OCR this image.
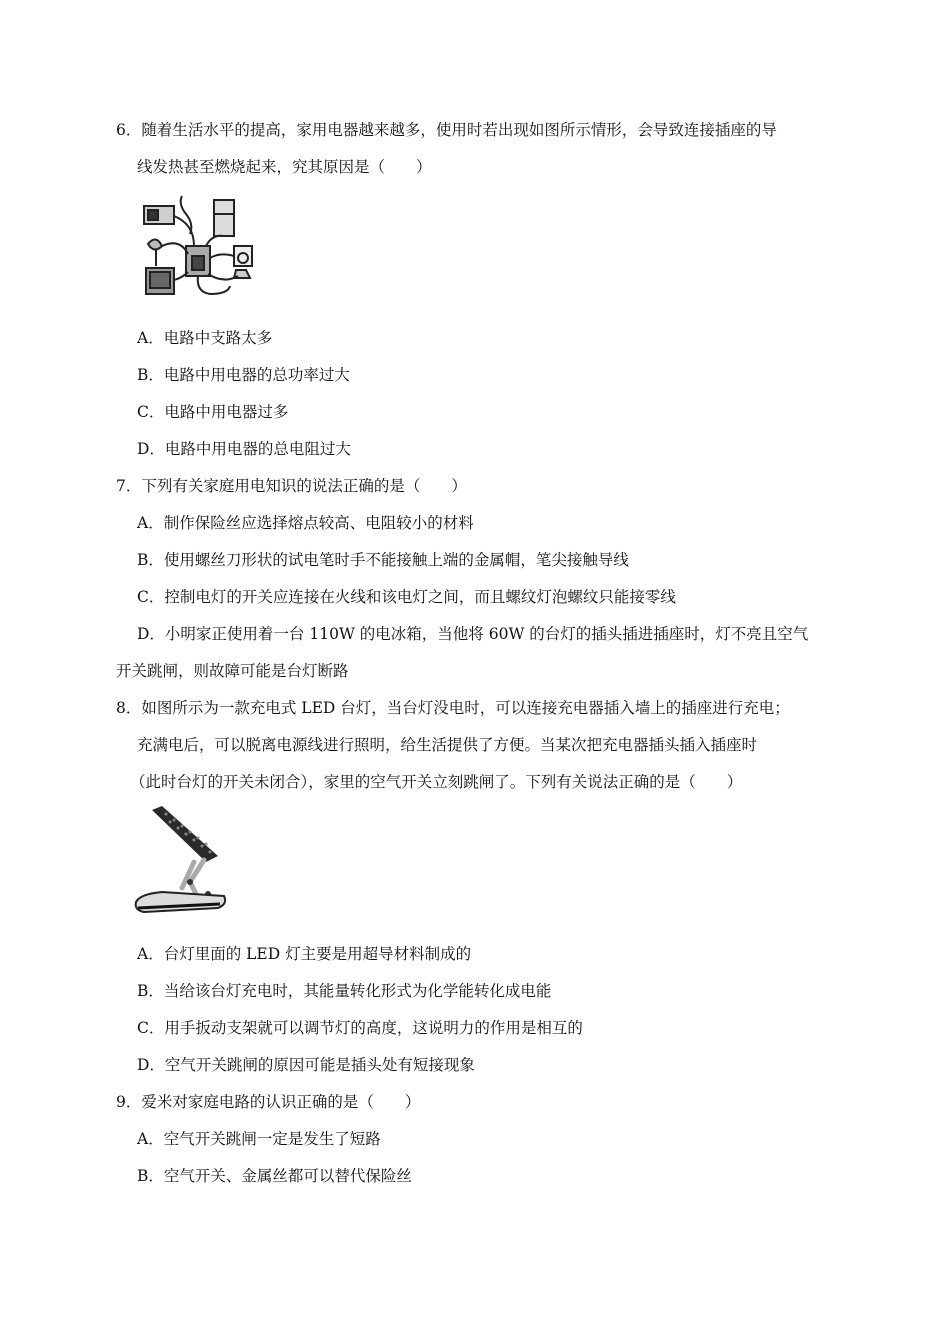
6．随着生活水平的提高，家用电器越来越多，使用时若出现如图所示情形，会导致连接插座的导
线发热甚至燃烧起来，究其原因是（　　）
A．电路中支路太多
B．电路中用电器的总功率过大
C．电路中用电器过多
D．电路中用电器的总电阻过大
7．下列有关家庭用电知识的说法正确的是（　　）
A．制作保险丝应选择熔点较高、电阻较小的材料
B．使用螺丝刀形状的试电笔时手不能接触上端的金属帽，笔尖接触导线
C．控制电灯的开关应连接在火线和该电灯之间，而且螺纹灯泡螺纹只能接零线
D．小明家正使用着一台 110W 的电冰箱，当他将 60W 的台灯的插头插进插座时，灯不亮且空气
开关跳闸，则故障可能是台灯断路
8．如图所示为一款充电式 LED 台灯，当台灯没电时，可以连接充电器插入墙上的插座进行充电；
充满电后，可以脱离电源线进行照明，给生活提供了方便。当某次把充电器插头插入插座时
（此时台灯的开关未闭合），家里的空气开关立刻跳闸了。下列有关说法正确的是（　　）
A．台灯里面的 LED 灯主要是用超导材料制成的
B．当给该台灯充电时，其能量转化形式为化学能转化成电能
C．用手扳动支架就可以调节灯的高度，这说明力的作用是相互的
D．空气开关跳闸的原因可能是插头处有短接现象
9．爱米对家庭电路的认识正确的是（　　）
A．空气开关跳闸一定是发生了短路
B．空气开关、金属丝都可以替代保险丝
